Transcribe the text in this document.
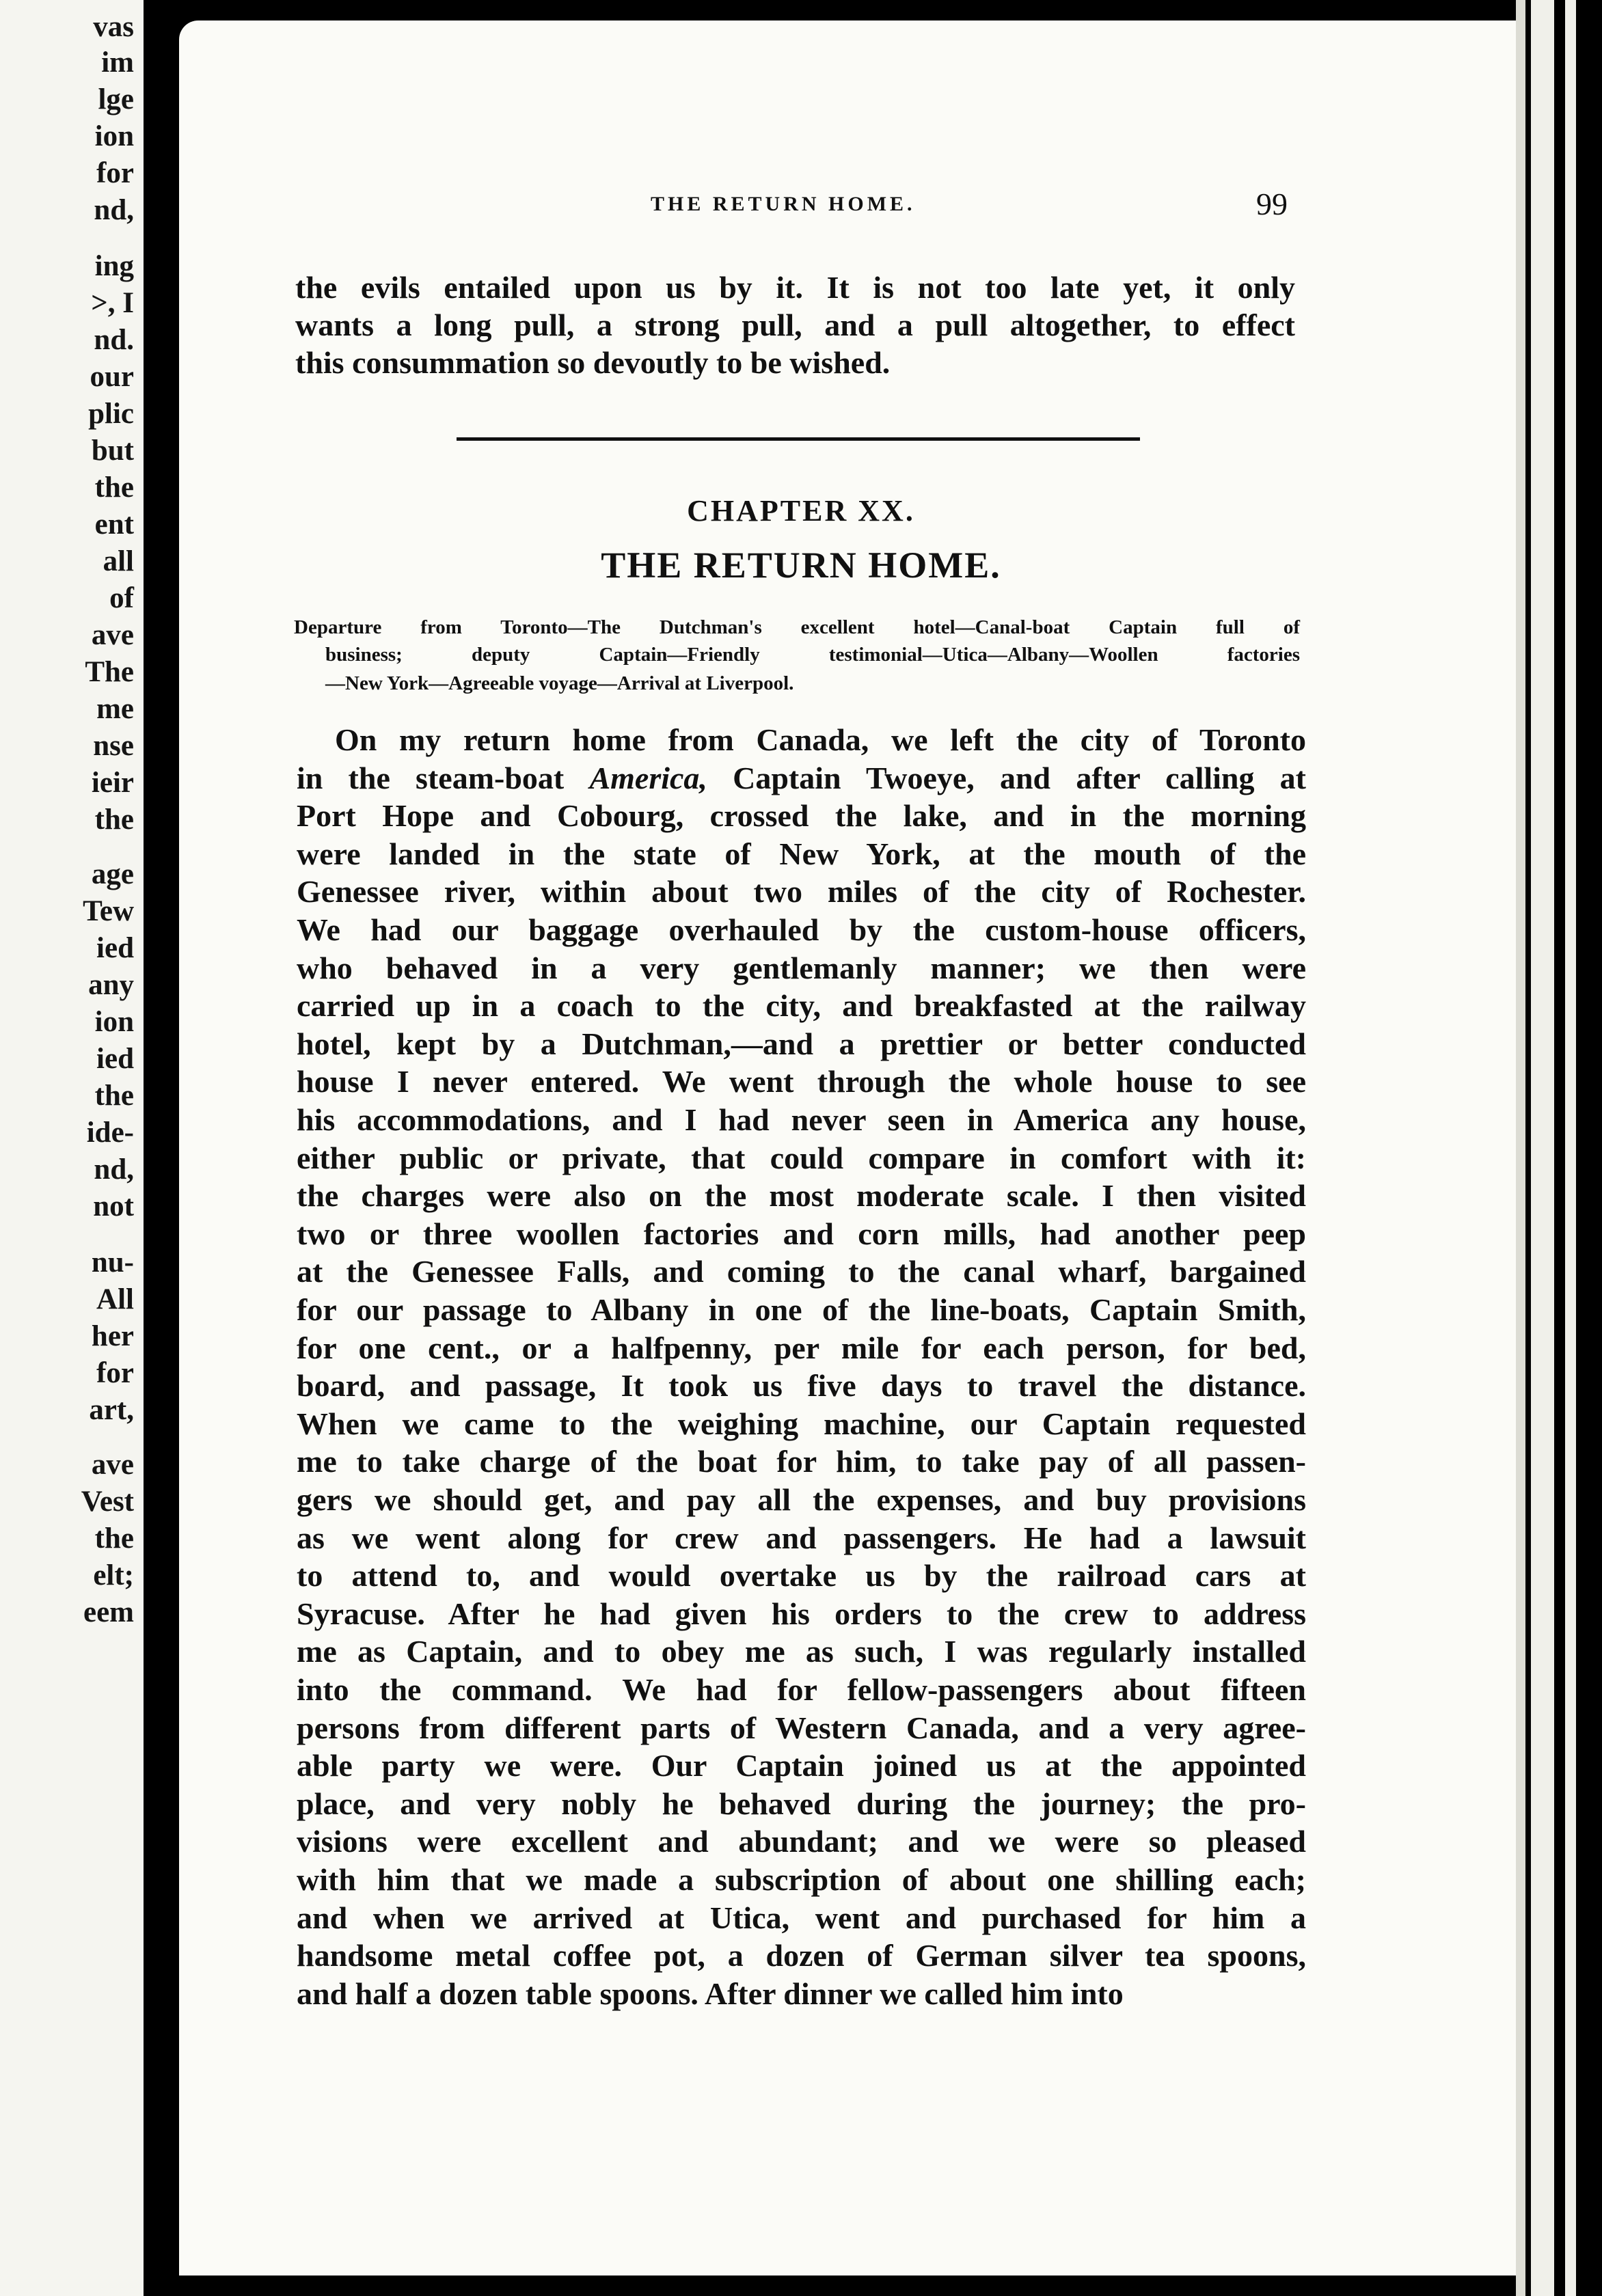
vas
im
lge
ion
for
nd,
ing
>, I
nd.
our
plic
but
the
ent
all
of
ave
The
me
nse
ieir
the
age
Tew
ied
any
ion
ied
the
ide-
nd,
not
nu-
All
her
for
art,
ave
Vest
the
elt;
eem
THE RETURN HOME.	99
the evils entailed upon us by it. It is not too late yet, it only
wants a long pull, a strong pull, and a pull altogether, to effect
this consummation so devoutly to be wished.
CHAPTER XX.
THE RETURN HOME.
Departure from Toronto—The Dutchman's excellent hotel—Canal-boat Captain full of
business; deputy Captain—Friendly testimonial—Utica—Albany—Woollen factories
—New York—Agreeable voyage—Arrival at Liverpool.
On my return home from Canada, we left the city of Toronto
in the steam-boat America, Captain Twoeye, and after calling at
Port Hope and Cobourg, crossed the lake, and in the morning
were landed in the state of New York, at the mouth of the
Genessee river, within about two miles of the city of Rochester.
We had our baggage overhauled by the custom-house officers,
who behaved in a very gentlemanly manner; we then were
carried up in a coach to the city, and breakfasted at the railway
hotel, kept by a Dutchman,—and a prettier or better conducted
house I never entered. We went through the whole house to see
his accommodations, and I had never seen in America any house,
either public or private, that could compare in comfort with it:
the charges were also on the most moderate scale. I then visited
two or three woollen factories and corn mills, had another peep
at the Genessee Falls, and coming to the canal wharf, bargained
for our passage to Albany in one of the line-boats, Captain Smith,
for one cent., or a halfpenny, per mile for each person, for bed,
board, and passage, It took us five days to travel the distance.
When we came to the weighing machine, our Captain requested
me to take charge of the boat for him, to take pay of all passen-
gers we should get, and pay all the expenses, and buy provisions
as we went along for crew and passengers. He had a lawsuit
to attend to, and would overtake us by the railroad cars at
Syracuse. After he had given his orders to the crew to address
me as Captain, and to obey me as such, I was regularly installed
into the command. We had for fellow-passengers about fifteen
persons from different parts of Western Canada, and a very agree-
able party we were. Our Captain joined us at the appointed
place, and very nobly he behaved during the journey; the pro-
visions were excellent and abundant; and we were so pleased
with him that we made a subscription of about one shilling each;
and when we arrived at Utica, went and purchased for him a
handsome metal coffee pot, a dozen of German silver tea spoons,
and half a dozen table spoons. After dinner we called him into
